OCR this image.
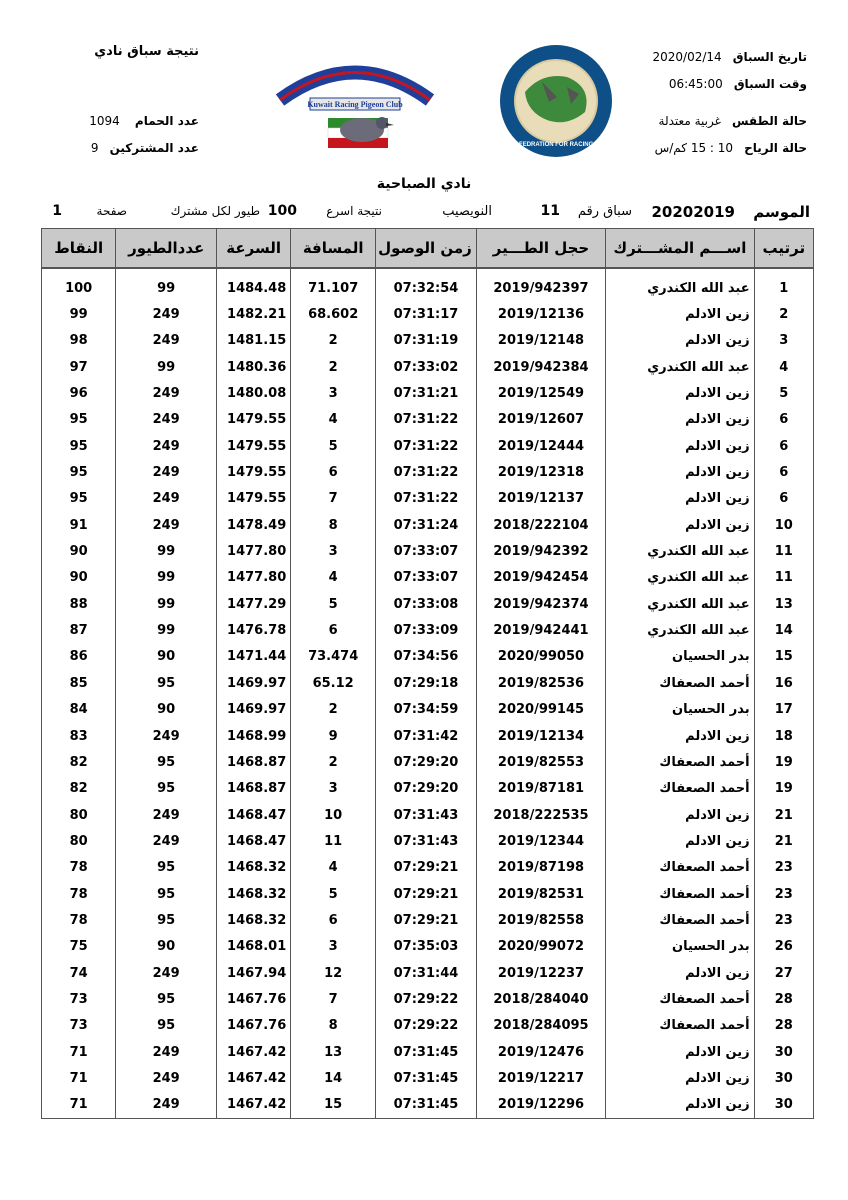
نتيجة سباق نادي
عدد الحمام 1094
عدد المشتركين 9
Kuwait Racing Pigeon Club
KUWAIT FEDRATION FOR RACING PIGEON
تاريخ السباق 2020/02/14
وقت السباق 06:45:00
حالة الطقس غربية معتدلة
حالة الرياح 10 : 15 كم/س
نادي الصباحية
الموسم
20202019
سباق رقم
11
النويصيب
نتيجة اسرع
100
طيور لكل مشترك
صفحة
1
ترتيب	اســـم المشـــترك	حجل الطـــير	زمن الوصول	المسافة	السرعة	عددالطيور	النقاط

1	عبد الله الكندري	2019/942397	07:32:54	71.107	1484.48	99	100
2	زين الادلم	2019/12136	07:31:17	68.602	1482.21	249	99
3	زين الادلم	2019/12148	07:31:19	2	1481.15	249	98
4	عبد الله الكندري	2019/942384	07:33:02	2	1480.36	99	97
5	زين الادلم	2019/12549	07:31:21	3	1480.08	249	96
6	زين الادلم	2019/12607	07:31:22	4	1479.55	249	95
6	زين الادلم	2019/12444	07:31:22	5	1479.55	249	95
6	زين الادلم	2019/12318	07:31:22	6	1479.55	249	95
6	زين الادلم	2019/12137	07:31:22	7	1479.55	249	95
10	زين الادلم	2018/222104	07:31:24	8	1478.49	249	91
11	عبد الله الكندري	2019/942392	07:33:07	3	1477.80	99	90
11	عبد الله الكندري	2019/942454	07:33:07	4	1477.80	99	90
13	عبد الله الكندري	2019/942374	07:33:08	5	1477.29	99	88
14	عبد الله الكندري	2019/942441	07:33:09	6	1476.78	99	87
15	بدر الحسيان	2020/99050	07:34:56	73.474	1471.44	90	86
16	أحمد الصعفاك	2019/82536	07:29:18	65.12	1469.97	95	85
17	بدر الحسيان	2020/99145	07:34:59	2	1469.97	90	84
18	زين الادلم	2019/12134	07:31:42	9	1468.99	249	83
19	أحمد الصعفاك	2019/82553	07:29:20	2	1468.87	95	82
19	أحمد الصعفاك	2019/87181	07:29:20	3	1468.87	95	82
21	زين الادلم	2018/222535	07:31:43	10	1468.47	249	80
21	زين الادلم	2019/12344	07:31:43	11	1468.47	249	80
23	أحمد الصعفاك	2019/87198	07:29:21	4	1468.32	95	78
23	أحمد الصعفاك	2019/82531	07:29:21	5	1468.32	95	78
23	أحمد الصعفاك	2019/82558	07:29:21	6	1468.32	95	78
26	بدر الحسيان	2020/99072	07:35:03	3	1468.01	90	75
27	زين الادلم	2019/12237	07:31:44	12	1467.94	249	74
28	أحمد الصعفاك	2018/284040	07:29:22	7	1467.76	95	73
28	أحمد الصعفاك	2018/284095	07:29:22	8	1467.76	95	73
30	زين الادلم	2019/12476	07:31:45	13	1467.42	249	71
30	زين الادلم	2019/12217	07:31:45	14	1467.42	249	71
30	زين الادلم	2019/12296	07:31:45	15	1467.42	249	71
